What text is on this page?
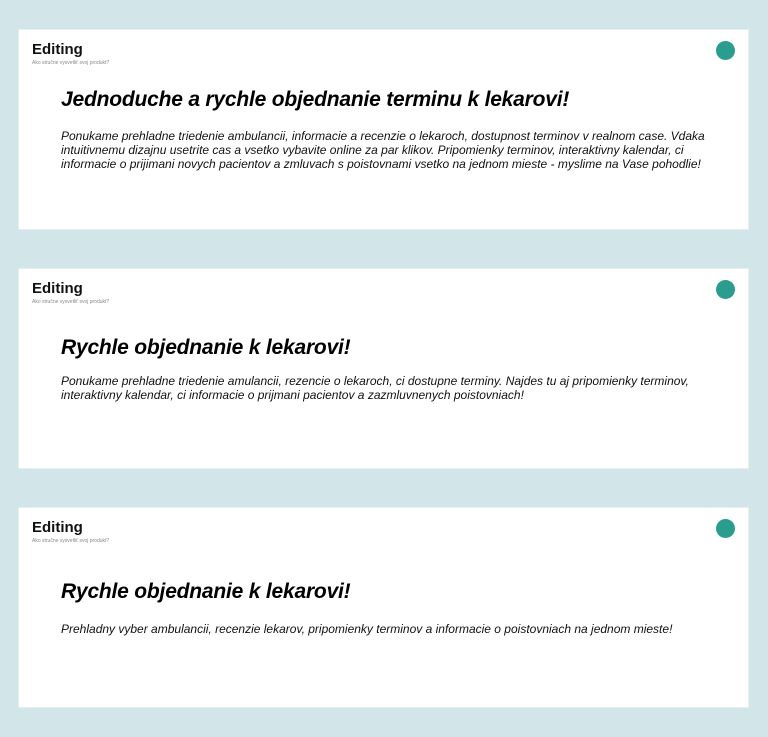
Editing
Ako stručne vysvetliť svoj produkt?
Jednoduche a rychle objednanie terminu k lekarovi!

Ponukame prehladne triedenie ambulancii, informacie a recenzie o lekaroch, dostupnost terminov v realnom case. Vdaka intuitivnemu dizajnu usetrite cas a vsetko vybavite online za par klikov. Pripomienky terminov, interaktivny kalendar, ci informacie o prijimani novych pacientov a zmluvach s poistovnami vsetko na jednom mieste - myslime na Vase pohodlie!

Editing
Ako stručne vysvetliť svoj produkt?
Rychle objednanie k lekarovi!

Ponukame prehladne triedenie amulancii, rezencie o lekaroch, ci dostupne terminy. Najdes tu aj pripomienky terminov, interaktivny kalendar, ci informacie o prijmani pacientov a zazmluvnenych poistovniach!

Editing
Ako stručne vysvetliť svoj produkt?
Rychle objednanie k lekarovi!

Prehladny vyber ambulancii, recenzie lekarov, pripomienky terminov a informacie o poistovniach na jednom mieste!
